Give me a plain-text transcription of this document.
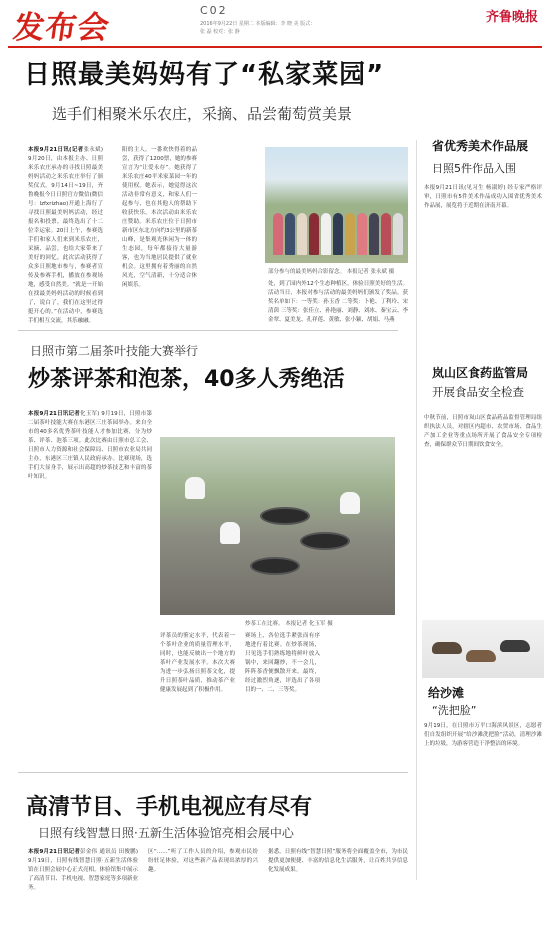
发布会	C02
2016年9月22日 星期二 本版编辑：李 晓 美 版式：张 磊 校对：张 静
齐鲁晚报
日照最美妈妈有了“私家菜园”
选手们相聚米乐农庄，采摘、品尝葡萄赏美景
本报9月21日讯(记者张永斌) 9月20日，由本报主办、日照米乐农庄承办的寻找日照最美妈妈活动之米乐农庄举行了颁奖仪式。9月14日~19日，齐鲁晚报今日日照官方微信(微信号：lzfxrizhao)开通上海行了寻找日照最美妈妈活动，经过报名和投票，最终选出了十二位幸运家。20日上午，参赛选手们和家人们来到米乐农庄，采摘、品尝，也给大家带来了美好的回忆。此次活动获得了众多日照地市参与，参赛者宣传及参赛手机，播放在参观场地，感受自然美。“就是一开始在找最美妈妈活动的时候看到了，说白了，我们在这里过得挺开心的。”在活动中，参赛选手们相互交流，其乐融融。
阳的主人。一番欢快得着的品尝，获得了1200票，她的参赛宣言为“让爱永存”。她获得了米乐农庄40平米家菜园一年的使用权。她表示，她觉得这次活动非常有意义，和家人们一起参与，也在其他人的帮助下收获快乐。本次活动由米乐农庄赞助。米乐农庄位于日照市新市区东北方向约3公里的新茶山峰，是集观光休闲为一体的生态园，每年都接待大量游客，也为当地居民提供了就业机会。这里拥有着秀丽的自然风光，空气清新，十分适合休闲娱乐。
部分参与的最美妈妈合影留念。 本报记者 张永斌 摄
处，到了园内外12个生态种植区，体验日照美好的生活。活动当日，本报对参与活动的最美妈妈们颁发了奖品。获奖名单如下：一等奖：孙玉香 二等奖：卜艳、丁利玲、宋清茵 三等奖：张佳立、孙艳丽、刘静、刘冰、秦宝云、李金翠、夏美龙、孔祥莲、黄敏、张小颖、胡娟、马燕
省优秀美术作品展
日照5件作品入围
本报9月21日讯(见习生 杨淑婷) 经专家严格评审，日照市有5件美术作品成功入围省优秀美术作品展，展览将于近期在济南开幕。
岚山区食药监管局
开展食品安全检查
中秋节前，日照市岚山区食品药品监督管理局组织执法人员，对辖区内超市、农贸市场、食品生产加工企业等重点场所开展了食品安全专项检查，确保群众节日期间饮食安全。
给沙滩
“洗把脸”
9月19日，在日照市万平口海滨风景区，志愿者们自发组织开展“给沙滩洗把脸”活动，清理沙滩上的垃圾，为游客营造干净整洁的环境。
日照市第二届茶叶技能大赛举行
炒茶评茶和泡茶，40多人秀绝活
本报9月21日讯记者化玉军) 9月19日，日照市第二届茶叶技能大赛在东港区三庄茶园举办。来自全市的40多名优秀茶叶技能人才参加比赛，分为炒茶、评茶、泡茶三项。此次比赛由日照市总工会、日照市人力资源和社会保障局、日照市农业局共同主办，东港区三庄镇人民政府承办。比赛现场，选手们大显身手，展示出高超的炒茶技艺和丰富的茶叶知识。
炒茶工在比赛。 本报记者 化玉军 摄
评茶员的鉴定水平，代表着一个茶叶企业的质量管理水平，同时，也能反映出一个地方的茶叶产业发展水平。本次大赛为进一步弘扬日照茶文化，提升日照茶叶品质，推动茶产业健康发展起到了积极作用。
赛场上，各位选手紧张而有序地进行着比赛。在炒茶现场，只见选手们熟练地将鲜叶放入锅中，来回翻炒，不一会儿，阵阵茶香便飘散开来。最终，经过激烈角逐，评选出了各项目的一、二、三等奖。
高清节目、手机电视应有尽有
日照有线智慧日照·五新生活体验馆亮相会展中心
本报9月21日讯记者彭金伟 通讯员 田俊鹏) 9月19日，日照有线智慧日照·五新生活体验馆在日照会展中心正式亮相。体验馆集中展示了高清节目、手机电视、智慧家庭等多项新业务。
区“……”听了工作人员的介绍，参观市民纷纷驻足体验，对这些新产品表现出浓厚的兴趣。
据悉，日照有线“智慧日照”服务将全面覆盖全市，为市民提供更加便捷、丰富的信息化生活服务，让百姓共享信息化发展成果。
